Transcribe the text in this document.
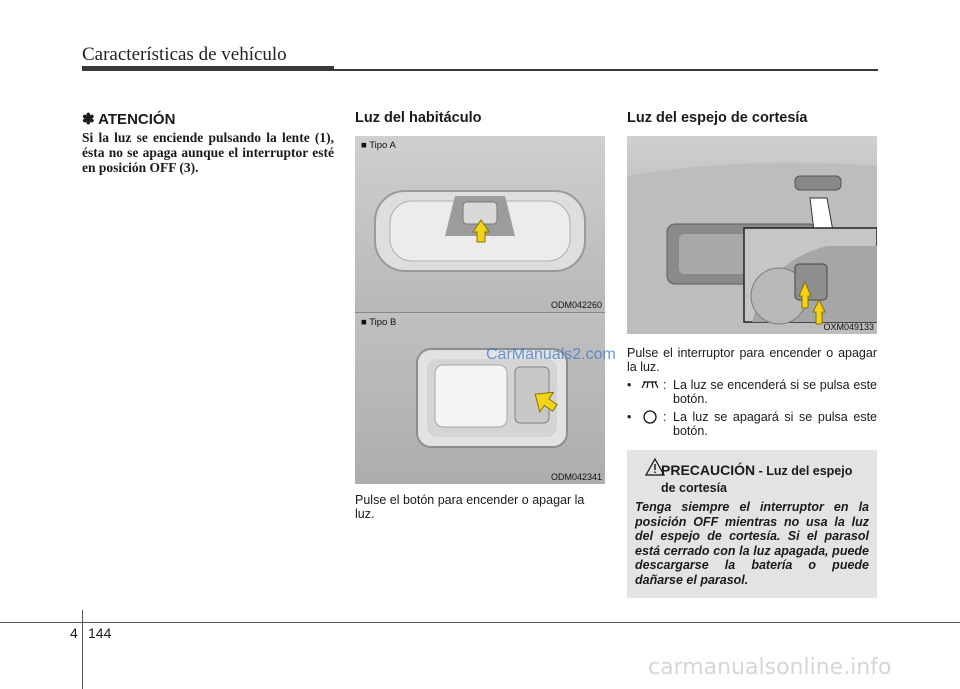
Características de vehículo
✽ ATENCIÓN
Si la luz se enciende pulsando la lente (1), ésta no se apaga aunque el interruptor esté en posición OFF (3).
Luz del habitáculo
■ Tipo A
ODM042260
■ Tipo B
ODM042341
Pulse el botón para encender o apagar la luz.
Luz del espejo de cortesía
OXM049133
Pulse el interruptor para encender o apagar la luz.
•	: La luz se encenderá si se pulsa este botón.
•	: La luz se apagará si se pulsa este botón.
PRECAUCIÓN - Luz del espejo de cortesía
Tenga siempre el interruptor en la posición OFF mientras no usa la luz del espejo de cortesía. Si el parasol está cerrado con la luz apagada, puede descargarse la batería o puede dañarse el parasol.
CarManuals2.com
4 144
carmanualsonline.info
